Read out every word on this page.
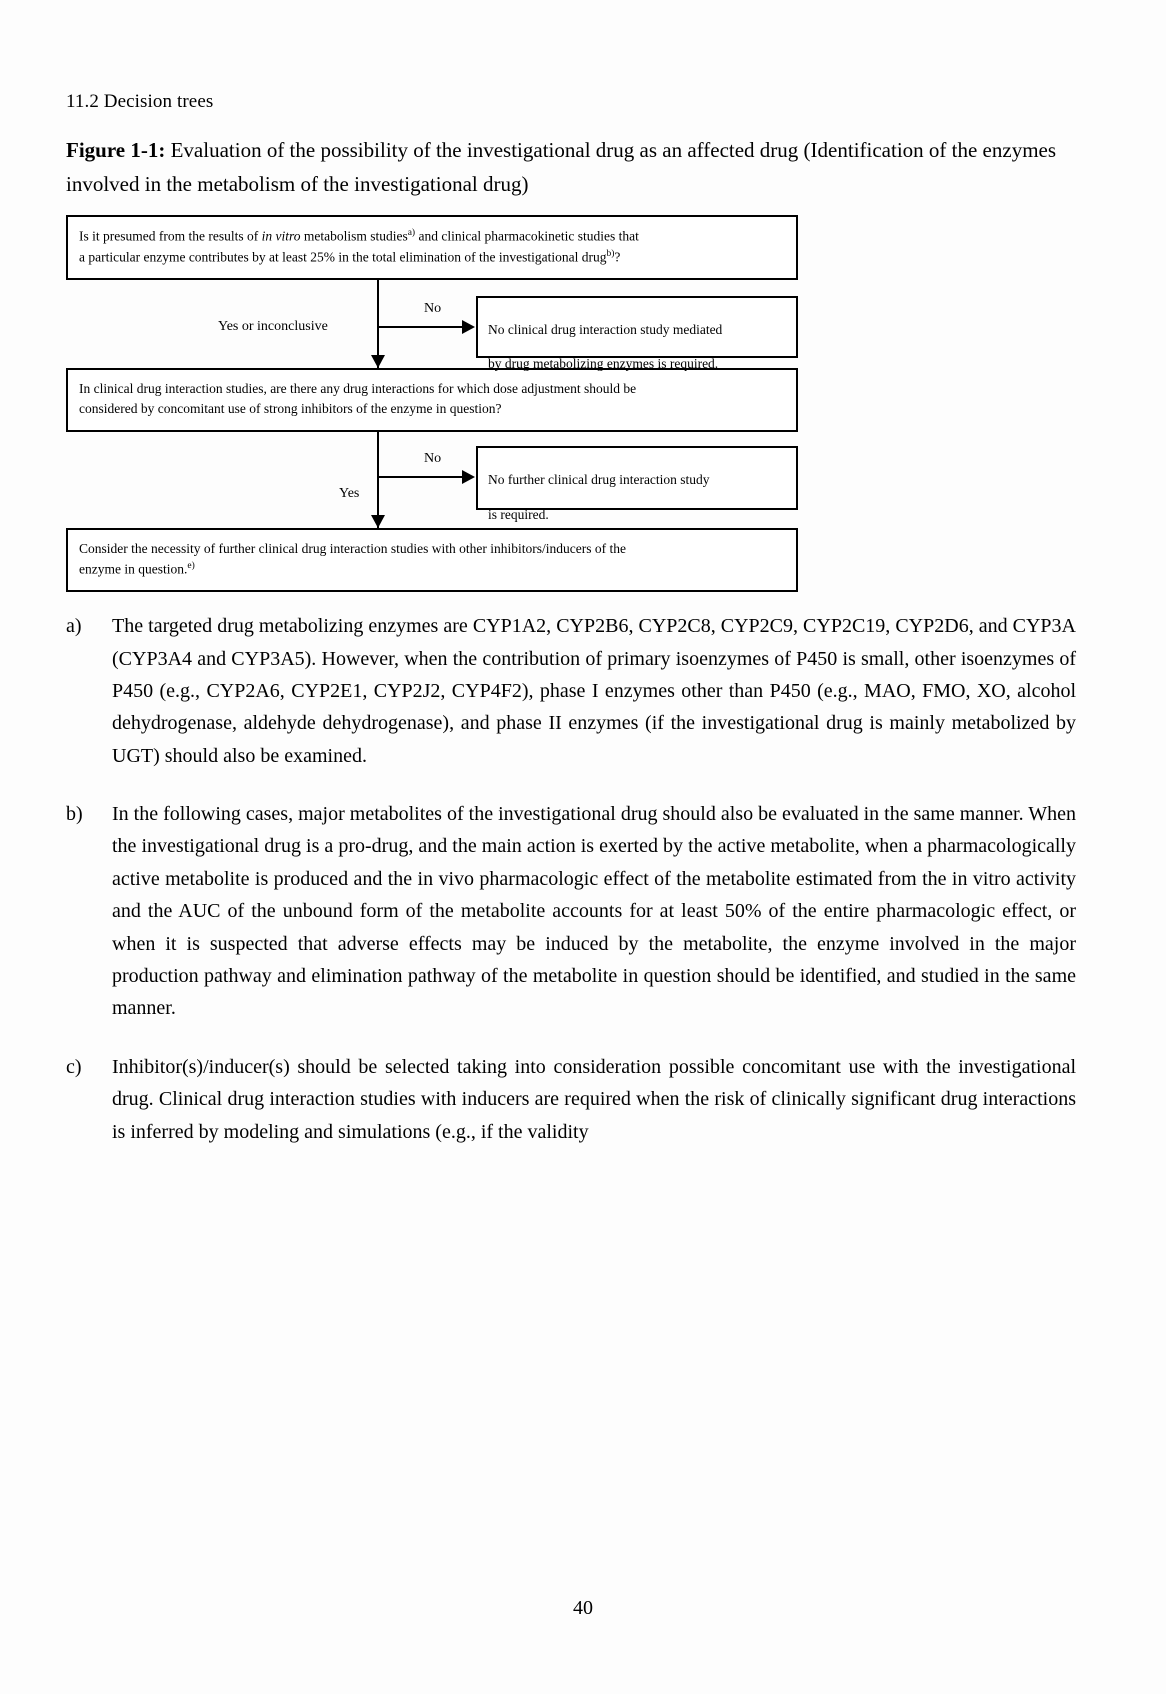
11.2 Decision trees
Figure 1-1: Evaluation of the possibility of the investigational drug as an affected drug (Identification of the enzymes involved in the metabolism of the investigational drug)

Is it presumed from the results of in vitro metabolism studies$^{a)}$ and clinical pharmacokinetic studies that

a particular enzyme contributes by at least 25% in the total elimination of the investigational drug$^{b)}$?

No
Yes or inconclusive	No clinical drug interaction study mediated

by drug metabolizing enzymes is required.

In clinical drug interaction studies, are there any drug interactions for which dose adjustment should be

considered by concomitant use of strong inhibitors of the enzyme in question?

No
Yes

No further clinical drug interaction study

is required.

Consider the necessity of further clinical drug interaction studies with other inhibitors/inducers of the

enzyme in question.$^{e)}$

a)	The targeted drug metabolizing enzymes are CYP1A2, CYP2B6, CYP2C8, CYP2C9, CYP2C19, CYP2D6, and CYP3A (CYP3A4 and CYP3A5). However, when the contribution of primary isoenzymes of P450 is small, other isoenzymes of P450 (e.g., CYP2A6, CYP2E1, CYP2J2, CYP4F2), phase I enzymes other than P450 (e.g., MAO, FMO, XO, alcohol dehydrogenase, aldehyde dehydrogenase), and phase II enzymes (if the investigational drug is mainly metabolized by UGT) should also be examined.
b)	In the following cases, major metabolites of the investigational drug should also be evaluated in the same manner. When the investigational drug is a pro-drug, and the main action is exerted by the active metabolite, when a pharmacologically active metabolite is produced and the in vivo pharmacologic effect of the metabolite estimated from the in vitro activity and the AUC of the unbound form of the metabolite accounts for at least 50% of the entire pharmacologic effect, or when it is suspected that adverse effects may be induced by the metabolite, the enzyme involved in the major production pathway and elimination pathway of the metabolite in question should be identified, and studied in the same manner.
c)	Inhibitor(s)/inducer(s) should be selected taking into consideration possible concomitant use with the investigational drug. Clinical drug interaction studies with inducers are required when the risk of clinically significant drug interactions is inferred by modeling and simulations (e.g., if the validity
40
